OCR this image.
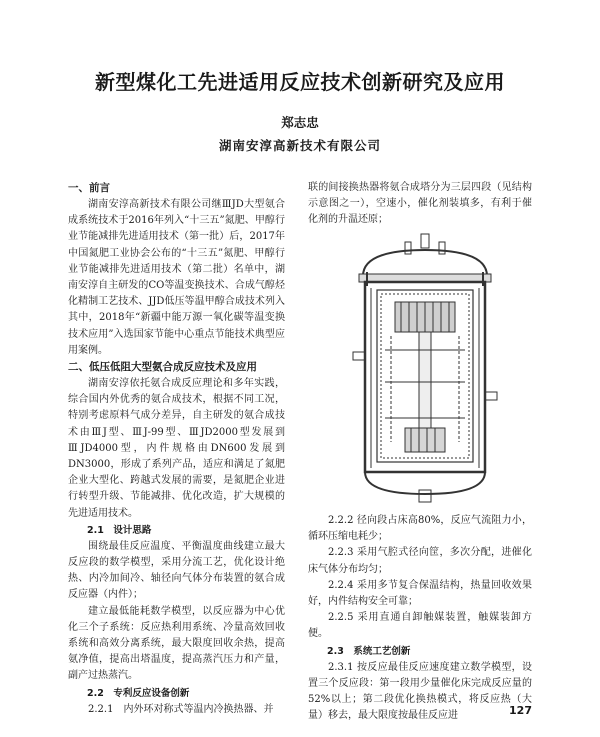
新型煤化工先进适用反应技术创新研究及应用
郑志忠
湖南安淳高新技术有限公司
一、前言

湖南安淳高新技术有限公司继ⅢJD大型氨合成系统技术于2016年列入“十三五”氮肥、甲醇行业节能减排先进适用技术（第一批）后，2017年中国氮肥工业协会公布的“十三五”氮肥、甲醇行业节能减排先进适用技术（第二批）名单中，湖南安淳自主研发的CO等温变换技术、合成气醇烃化精制工艺技术、JJD低压等温甲醇合成技术列入其中，2018年“新疆中能万源一氧化碳等温变换技术应用”入选国家节能中心重点节能技术典型应用案例。

二、低压低阻大型氨合成反应技术及应用

湖南安淳依托氨合成反应理论和多年实践，综合国内外优秀的氨合成技术，根据不同工况，特别考虑原料气成分差异，自主研发的氨合成技术由ⅢJ型、ⅢJ-99型、ⅢJD2000型发展到ⅢJD4000型，内件规格由DN600发展到DN3000，形成了系列产品，适应和满足了氮肥企业大型化、跨越式发展的需要，是氮肥企业进行转型升级、节能减排、优化改造，扩大规模的先进适用技术。

2.1　设计思路

围绕最佳反应温度、平衡温度曲线建立最大反应段的数学模型，采用分流工艺，优化设计绝热、内冷加间冷、轴径向气体分布装置的氨合成反应器（内件）；

建立最低能耗数学模型，以反应器为中心优化三个子系统：反应热利用系统、冷量高效回收系统和高效分离系统，最大限度回收余热，提高氨净值，提高出塔温度，提高蒸汽压力和产量，副产过热蒸汽。

2.2　专利反应设备创新

2.2.1　内外环对称式等温内冷换热器、并

联的间接换热器将氨合成塔分为三层四段（见结构示意图之一），空速小，催化剂装填多，有利于催化剂的升温还原；

2.2.2 径向段占床高80%，反应气流阻力小，循环压缩电耗少；

2.2.3 采用气腔式径向筐，多次分配，进催化床气体分布均匀；

2.2.4 采用多节复合保温结构，热量回收效果好，内件结构安全可靠；

2.2.5 采用直通自卸触媒装置，触媒装卸方便。

2.3　系统工艺创新

2.3.1 按反应最佳反应速度建立数学模型，设置三个反应段：第一段用少量催化床完成反应量的52%以上；第二段优化换热模式，将反应热（大量）移去，最大限度按最佳反应进	127
